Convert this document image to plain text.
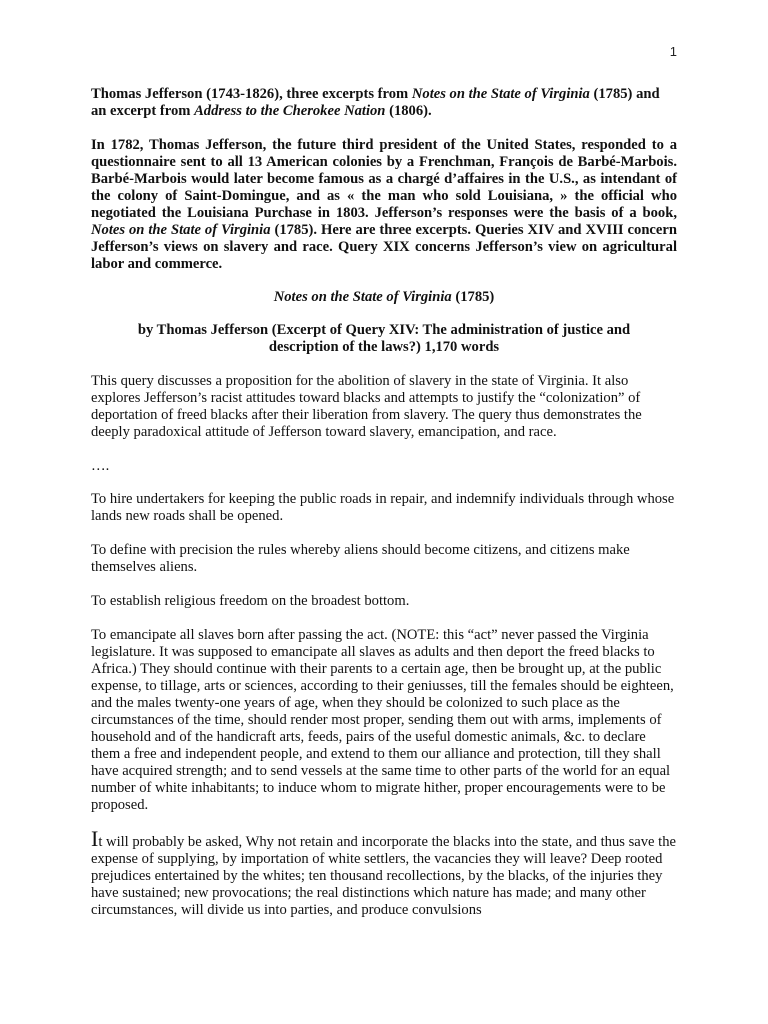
1

Thomas Jefferson (1743-1826), three excerpts from Notes on the State of Virginia (1785) and an excerpt from Address to the Cherokee Nation (1806).

In 1782, Thomas Jefferson, the future third president of the United States, responded to a questionnaire sent to all 13 American colonies by a Frenchman, François de Barbé-Marbois. Barbé-Marbois would later become famous as a chargé d’affaires in the U.S., as intendant of the colony of Saint-Domingue, and as « the man who sold Louisiana, » the official who negotiated the Louisiana Purchase in 1803. Jefferson’s responses were the basis of a book, Notes on the State of Virginia (1785). Here are three excerpts. Queries XIV and XVIII concern Jefferson’s views on slavery and race. Query XIX concerns Jefferson’s view on agricultural labor and commerce.

Notes on the State of Virginia (1785)

by Thomas Jefferson (Excerpt of Query XIV: The administration of justice and description of the laws?) 1,170 words

This query discusses a proposition for the abolition of slavery in the state of Virginia. It also explores Jefferson’s racist attitudes toward blacks and attempts to justify the “colonization” of deportation of freed blacks after their liberation from slavery. The query thus demonstrates the deeply paradoxical attitude of Jefferson toward slavery, emancipation, and race.

….

To hire undertakers for keeping the public roads in repair, and indemnify individuals through whose lands new roads shall be opened.

To define with precision the rules whereby aliens should become citizens, and citizens make themselves aliens.

To establish religious freedom on the broadest bottom.

To emancipate all slaves born after passing the act. (NOTE: this “act” never passed the Virginia legislature. It was supposed to emancipate all slaves as adults and then deport the freed blacks to Africa.) They should continue with their parents to a certain age, then be brought up, at the public expense, to tillage, arts or sciences, according to their geniusses, till the females should be eighteen, and the males twenty-one years of age, when they should be colonized to such place as the circumstances of the time, should render most proper, sending them out with arms, implements of household and of the handicraft arts, feeds, pairs of the useful domestic animals, &c. to declare them a free and independent people, and extend to them our alliance and protection, till they shall have acquired strength; and to send vessels at the same time to other parts of the world for an equal number of white inhabitants; to induce whom to migrate hither, proper encouragements were to be proposed.

It will probably be asked, Why not retain and incorporate the blacks into the state, and thus save the expense of supplying, by importation of white settlers, the vacancies they will leave? Deep rooted prejudices entertained by the whites; ten thousand recollections, by the blacks, of the injuries they have sustained; new provocations; the real distinctions which nature has made; and many other circumstances, will divide us into parties, and produce convulsions
